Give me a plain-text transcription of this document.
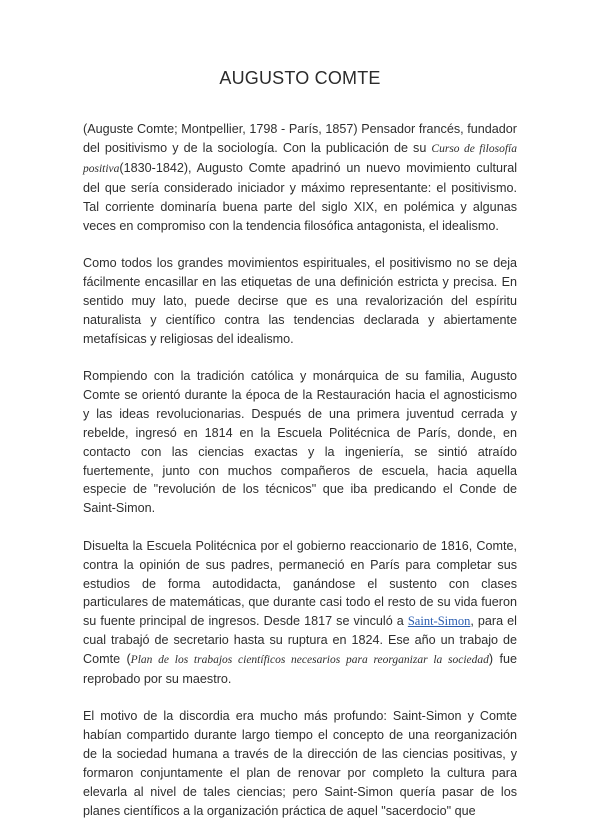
AUGUSTO COMTE

(Auguste Comte; Montpellier, 1798 - París, 1857) Pensador francés, fundador del positivismo y de la sociología. Con la publicación de su Curso de filosofía positiva(1830-1842), Augusto Comte apadrinó un nuevo movimiento cultural del que sería considerado iniciador y máximo representante: el positivismo. Tal corriente dominaría buena parte del siglo XIX, en polémica y algunas veces en compromiso con la tendencia filosófica antagonista, el idealismo.

Como todos los grandes movimientos espirituales, el positivismo no se deja fácilmente encasillar en las etiquetas de una definición estricta y precisa. En sentido muy lato, puede decirse que es una revalorización del espíritu naturalista y científico contra las tendencias declarada y abiertamente metafísicas y religiosas del idealismo.

Rompiendo con la tradición católica y monárquica de su familia, Augusto Comte se orientó durante la época de la Restauración hacia el agnosticismo y las ideas revolucionarias. Después de una primera juventud cerrada y rebelde, ingresó en 1814 en la Escuela Politécnica de París, donde, en contacto con las ciencias exactas y la ingeniería, se sintió atraído fuertemente, junto con muchos compañeros de escuela, hacia aquella especie de "revolución de los técnicos" que iba predicando el Conde de Saint-Simon.

Disuelta la Escuela Politécnica por el gobierno reaccionario de 1816, Comte, contra la opinión de sus padres, permaneció en París para completar sus estudios de forma autodidacta, ganándose el sustento con clases particulares de matemáticas, que durante casi todo el resto de su vida fueron su fuente principal de ingresos. Desde 1817 se vinculó a Saint-Simon, para el cual trabajó de secretario hasta su ruptura en 1824. Ese año un trabajo de Comte (Plan de los trabajos científicos necesarios para reorganizar la sociedad) fue reprobado por su maestro.

El motivo de la discordia era mucho más profundo: Saint-Simon y Comte habían compartido durante largo tiempo el concepto de una reorganización de la sociedad humana a través de la dirección de las ciencias positivas, y formaron conjuntamente el plan de renovar por completo la cultura para elevarla al nivel de tales ciencias; pero Saint-Simon quería pasar de los planes científicos a la organización práctica de aquel "sacerdocio" que
